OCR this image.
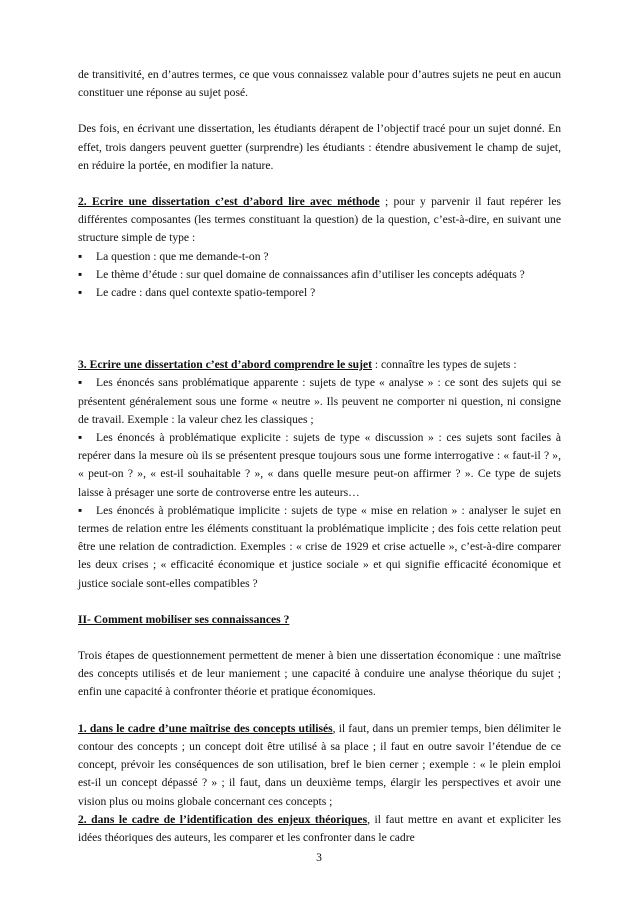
de transitivité, en d’autres termes, ce que vous connaissez valable pour d’autres sujets ne peut en aucun constituer une réponse au sujet posé.

Des fois, en écrivant une dissertation, les étudiants dérapent de l’objectif tracé pour un sujet donné. En effet, trois dangers peuvent guetter (surprendre) les étudiants : étendre abusivement le champ de sujet, en réduire la portée, en modifier la nature.

2. Ecrire une dissertation c’est d’abord lire avec méthode ; pour y parvenir il faut repérer les différentes composantes (les termes constituant la question) de la question, c’est-à-dire, en suivant une structure simple de type :

▪ La question : que me demande-t-on ?

▪ Le thème d’étude : sur quel domaine de connaissances afin d’utiliser les concepts adéquats ?

▪ Le cadre : dans quel contexte spatio-temporel ?

3. Ecrire une dissertation c’est d’abord comprendre le sujet : connaître les types de sujets :

▪ Les énoncés sans problématique apparente : sujets de type « analyse » : ce sont des sujets qui se présentent généralement sous une forme « neutre ». Ils peuvent ne comporter ni question, ni consigne de travail. Exemple : la valeur chez les classiques ;

▪ Les énoncés à problématique explicite : sujets de type « discussion » : ces sujets sont faciles à repérer dans la mesure où ils se présentent presque toujours sous une forme interrogative : « faut-il ? », « peut-on ? », « est-il souhaitable ? », « dans quelle mesure peut-on affirmer ? ». Ce type de sujets laisse à présager une sorte de controverse entre les auteurs…

▪ Les énoncés à problématique implicite : sujets de type « mise en relation » : analyser le sujet en termes de relation entre les éléments constituant la problématique implicite ; des fois cette relation peut être une relation de contradiction. Exemples : « crise de 1929 et crise actuelle », c’est-à-dire comparer les deux crises ; « efficacité économique et justice sociale » et qui signifie efficacité économique et justice sociale sont-elles compatibles ?

II- Comment mobiliser ses connaissances ?

Trois étapes de questionnement permettent de mener à bien une dissertation économique : une maîtrise des concepts utilisés et de leur maniement ; une capacité à conduire une analyse théorique du sujet ; enfin une capacité à confronter théorie et pratique économiques.

1. dans le cadre d’une maîtrise des concepts utilisés, il faut, dans un premier temps, bien délimiter le contour des concepts ; un concept doit être utilisé à sa place ; il faut en outre savoir l’étendue de ce concept, prévoir les conséquences de son utilisation, bref le bien cerner ; exemple : « le plein emploi est-il un concept dépassé ? » ; il faut, dans un deuxième temps, élargir les perspectives et avoir une vision plus ou moins globale concernant ces concepts ;

2. dans le cadre de l’identification des enjeux théoriques, il faut mettre en avant et expliciter les idées théoriques des auteurs, les comparer et les confronter dans le cadre

3
